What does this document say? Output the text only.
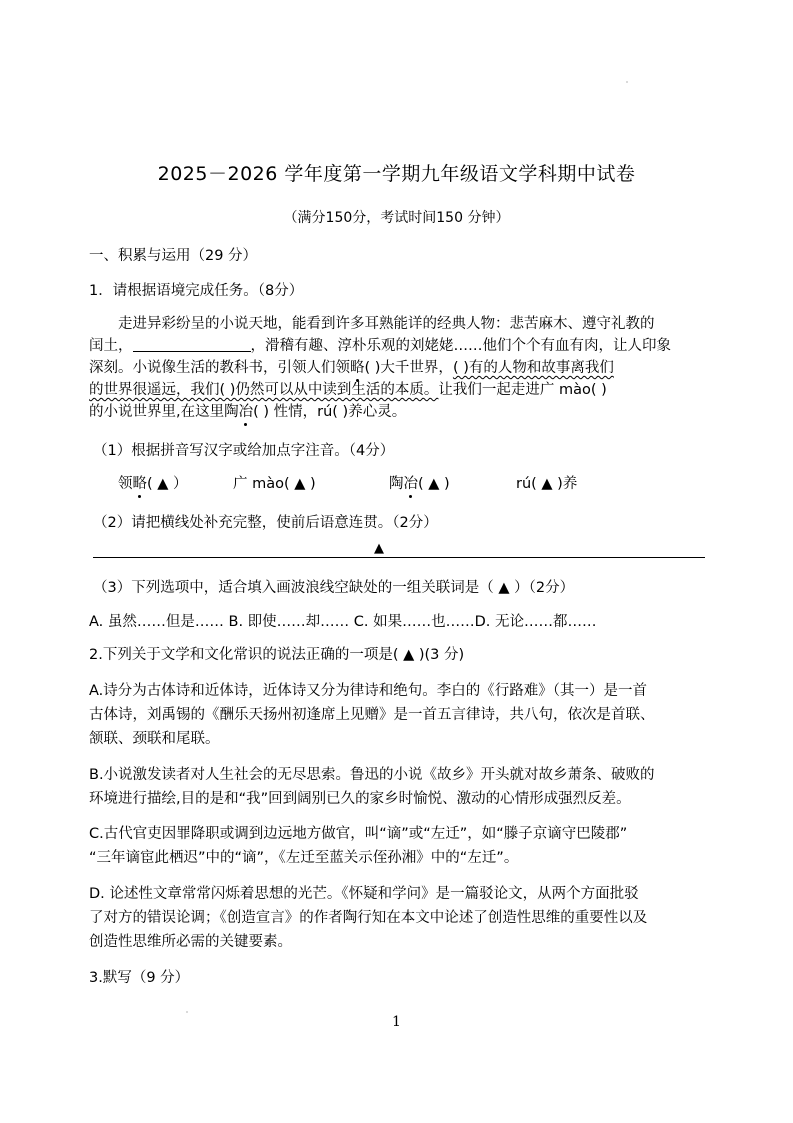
2025－2026 学年度第一学期九年级语文学科期中试卷
（满分150分，考试时间150 分钟）
一、积累与运用（29 分）
1．请根据语境完成任务。（8分）
走进异彩纷呈的小说天地，能看到许多耳熟能详的经典人物：悲苦麻木、遵守礼教的
闰土，	，滑稽有趣、淳朴乐观的刘姥姥……他们个个有血有肉，让人印象
深刻。小说像生活的教科书，引领人们领略( )大千世界，( )有的人物和故事离我们
的世界很遥远，我们( )仍然可以从中读到生活的本质。让我们一起走进广 màо( )
的小说世界里,在这里陶冶( ) 性情，rú( )养心灵。
（1）根据拼音写汉字或给加点字注音。（4分）
领略( ▲ ）	广 mào( ▲ )	陶冶( ▲ )	rú( ▲ )养
（2）请把横线处补充完整，使前后语意连贯。（2分）
▲
（3）下列选项中，适合填入画波浪线空缺处的一组关联词是（ ▲ ）（2分）
A. 虽然……但是…… B. 即使……却…… C. 如果……也……D. 无论……都……
2.下列关于文学和文化常识的说法正确的一项是( ▲ )(3 分)
A.诗分为古体诗和近体诗，近体诗又分为律诗和绝句。李白的《行路难》（其一）是一首
古体诗，刘禹锡的《酬乐天扬州初逢席上见赠》是一首五言律诗，共八句，依次是首联、
颔联、颈联和尾联。
B.小说激发读者对人生社会的无尽思索。鲁迅的小说《故乡》开头就对故乡萧条、破败的
环境进行描绘,目的是和“我”回到阔别已久的家乡时愉悦、激动的心情形成强烈反差。
C.古代官吏因罪降职或调到边远地方做官，叫“谪”或“左迁”，如“滕子京谪守巴陵郡”
“三年谪宦此栖迟”中的“谪”，《左迁至蓝关示侄孙湘》中的“左迁”。
D. 论述性文章常常闪烁着思想的光芒。《怀疑和学问》是一篇驳论文，从两个方面批驳
了对方的错误论调；《创造宣言》的作者陶行知在本文中论述了创造性思维的重要性以及
创造性思维所必需的关键要素。
3.默写（9 分）
1
